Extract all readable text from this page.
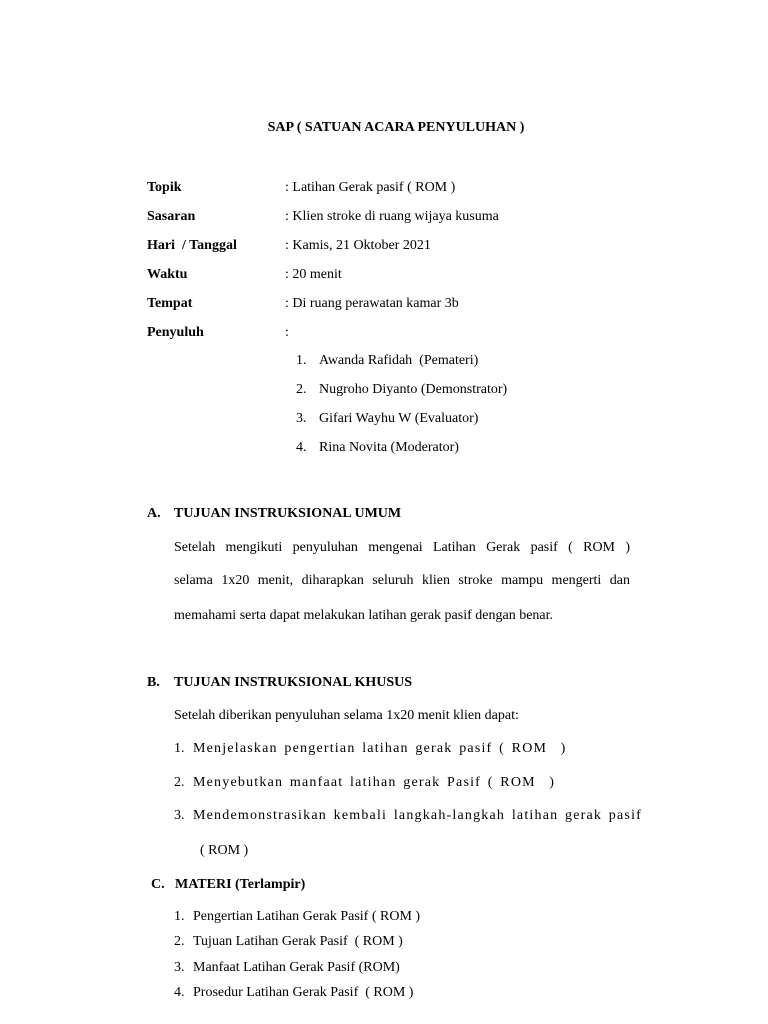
SAP ( SATUAN ACARA PENYULUHAN )
Topik	: Latihan Gerak pasif ( ROM )
Sasaran	: Klien stroke di ruang wijaya kusuma
Hari  / Tanggal	: Kamis, 21 Oktober 2021
Waktu	: 20 menit
Tempat	: Di ruang perawatan kamar 3b
Penyuluh	:
1. Awanda Rafidah  (Pemateri)
2. Nugroho Diyanto (Demonstrator)
3. Gifari Wayhu W (Evaluator)
4. Rina Novita (Moderator)
A. TUJUAN INSTRUKSIONAL UMUM
Setelah mengikuti penyuluhan mengenai Latihan Gerak pasif ( ROM )
selama 1x20 menit, diharapkan seluruh klien stroke mampu mengerti dan
memahami serta dapat melakukan latihan gerak pasif dengan benar.
B. TUJUAN INSTRUKSIONAL KHUSUS
Setelah diberikan penyuluhan selama 1x20 menit klien dapat:
1. Menjelaskan pengertian latihan gerak pasif ( ROM  )
2. Menyebutkan manfaat latihan gerak Pasif ( ROM  )
3. Mendemonstrasikan kembali langkah-langkah latihan gerak pasif
( ROM )
C. MATERI (Terlampir)
1. Pengertian Latihan Gerak Pasif ( ROM )
2. Tujuan Latihan Gerak Pasif  ( ROM )
3. Manfaat Latihan Gerak Pasif (ROM)
4. Prosedur Latihan Gerak Pasif  ( ROM )
